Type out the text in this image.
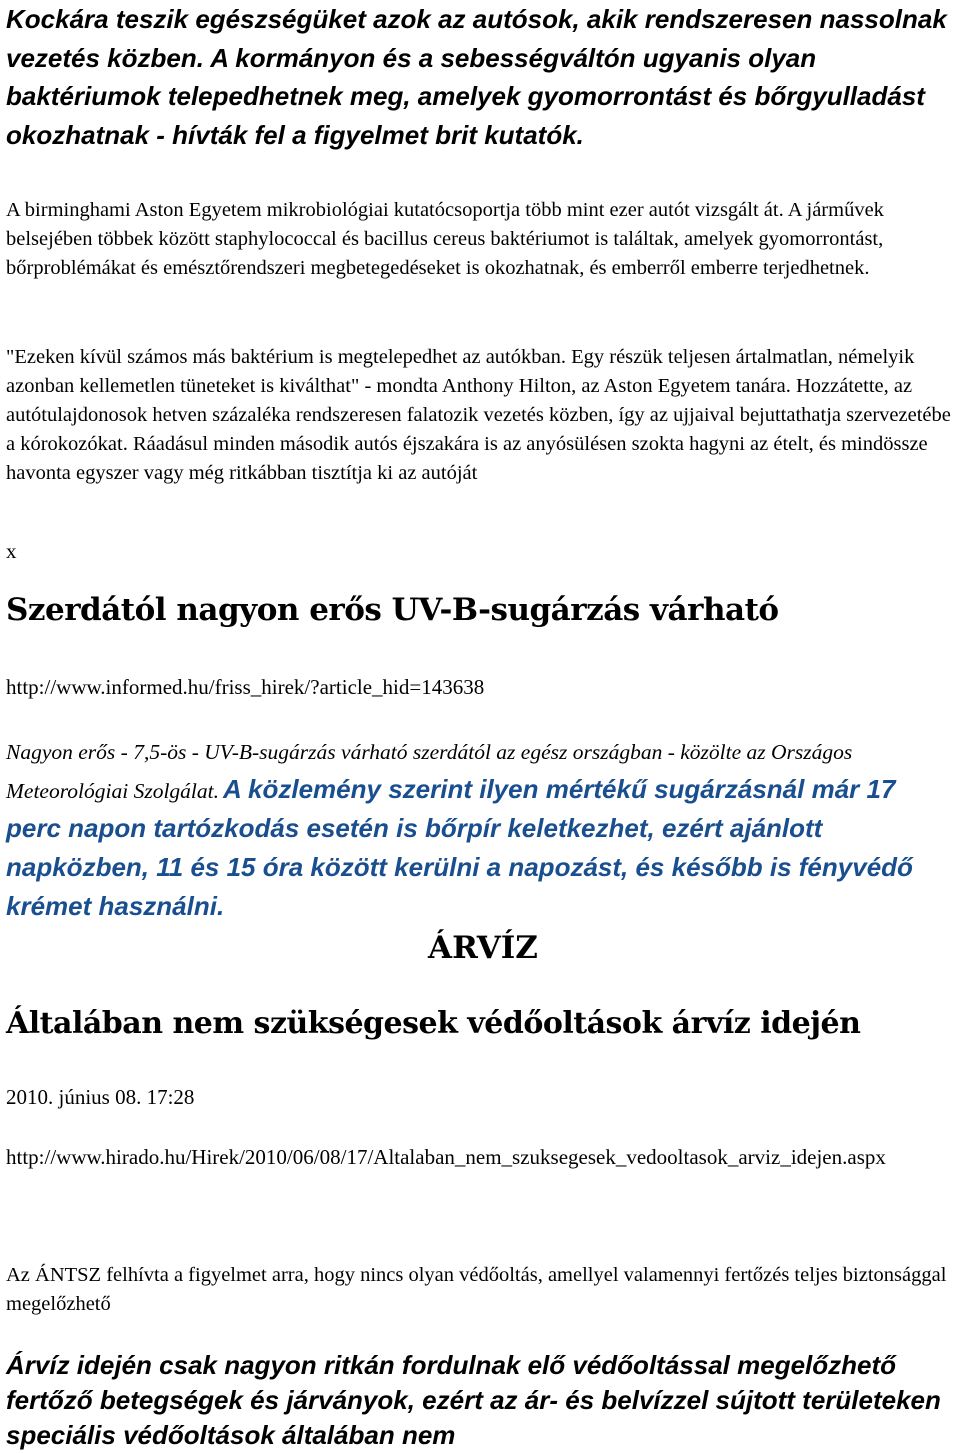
Kockára teszik egészségüket azok az autósok, akik rendszeresen nassolnak vezetés közben. A kormányon és a sebességváltón ugyanis olyan baktériumok telepedhetnek meg, amelyek gyomorrontást és bőrgyulladást okozhatnak - hívták fel a figyelmet brit kutatók.

A birminghami Aston Egyetem mikrobiológiai kutatócsoportja több mint ezer autót vizsgált át. A járművek belsejében többek között staphylococcal és bacillus cereus baktériumot is találtak, amelyek gyomorrontást, bőrproblémákat és emésztőrendszeri megbetegedéseket is okozhatnak, és emberről emberre terjedhetnek.

"Ezeken kívül számos más baktérium is megtelepedhet az autókban. Egy részük teljesen ártalmatlan, némelyik azonban kellemetlen tüneteket is kiválthat" - mondta Anthony Hilton, az Aston Egyetem tanára. Hozzátette, az autótulajdonosok hetven százaléka rendszeresen falatozik vezetés közben, így az ujjaival bejuttathatja szervezetébe a kórokozókat. Ráadásul minden második autós éjszakára is az anyósülésen szokta hagyni az ételt, és mindössze havonta egyszer vagy még ritkábban tisztítja ki az autóját

x

Szerdától nagyon erős UV-B-sugárzás várható

http://www.informed.hu/friss_hirek/?article_hid=143638

Nagyon erős - 7,5-ös - UV-B-sugárzás várható szerdától az egész országban - közölte az Országos Meteorológiai Szolgálat. A közlemény szerint ilyen mértékű sugárzásnál már 17 perc napon tartózkodás esetén is bőrpír keletkezhet, ezért ajánlott napközben, 11 és 15 óra között kerülni a napozást, és később is fényvédő krémet használni.

ÁRVÍZ
Általában nem szükségesek védőoltások árvíz idején

2010. június 08. 17:28

http://www.hirado.hu/Hirek/2010/06/08/17/Altalaban_nem_szuksegesek_vedooltasok_arviz_idejen.aspx

Az ÁNTSZ felhívta a figyelmet arra, hogy nincs olyan védőoltás, amellyel valamennyi fertőzés teljes biztonsággal megelőzhető

Árvíz idején csak nagyon ritkán fordulnak elő védőoltással megelőzhető fertőző betegségek és járványok, ezért az ár- és belvízzel sújtott területeken speciális védőoltások általában nem
